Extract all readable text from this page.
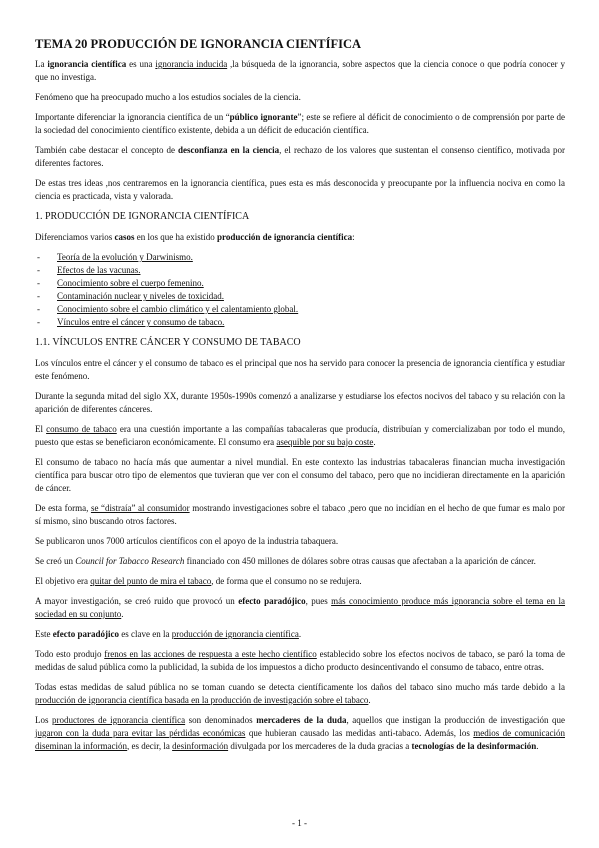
TEMA 20 PRODUCCIÓN DE IGNORANCIA CIENTÍFICA

La ignorancia científica es una ignorancia inducida ,la búsqueda de la ignorancia, sobre aspectos que la ciencia conoce o que podría conocer y que no investiga.

Fenómeno que ha preocupado mucho a los estudios sociales de la ciencia.

Importante diferenciar la ignorancia científica de un “público ignorante”; este se refiere al déficit de conocimiento o de comprensión por parte de la sociedad del conocimiento científico existente, debida a un déficit de educación científica.

También cabe destacar el concepto de desconfianza en la ciencia, el rechazo de los valores que sustentan el consenso científico, motivada por diferentes factores.

De estas tres ideas ,nos centraremos en la ignorancia científica, pues esta es más desconocida y preocupante por la influencia nociva en como la ciencia es practicada, vista y valorada.

1. PRODUCCIÓN DE IGNORANCIA CIENTÍFICA

Diferenciamos varios casos en los que ha existido producción de ignorancia científica:

- Teoría de la evolución y Darwinismo.
- Efectos de las vacunas.
- Conocimiento sobre el cuerpo femenino.
- Contaminación nuclear y niveles de toxicidad.
- Conocimiento sobre el cambio climático y el calentamiento global.
- Vínculos entre el cáncer y consumo de tabaco.
1.1. VÍNCULOS ENTRE CÁNCER Y CONSUMO DE TABACO

Los vínculos entre el cáncer y el consumo de tabaco es el principal que nos ha servido para conocer la presencia de ignorancia científica y estudiar este fenómeno.

Durante la segunda mitad del siglo XX, durante 1950s-1990s comenzó a analizarse y estudiarse los efectos nocivos del tabaco y su relación con la aparición de diferentes cánceres.

El consumo de tabaco era una cuestión importante a las compañías tabacaleras que producía, distribuían y comercializaban por todo el mundo, puesto que estas se beneficiaron económicamente. El consumo era asequible por su bajo coste.

El consumo de tabaco no hacía más que aumentar a nivel mundial. En este contexto las industrias tabacaleras financian mucha investigación científica para buscar otro tipo de elementos que tuvieran que ver con el consumo del tabaco, pero que no incidieran directamente en la aparición de cáncer.

De esta forma, se “distraía” al consumidor mostrando investigaciones sobre el tabaco ,pero que no incidían en el hecho de que fumar es malo por sí mismo, sino buscando otros factores.

Se publicaron unos 7000 artículos científicos con el apoyo de la industria tabaquera.

Se creó un Council for Tabacco Research financiado con 450 millones de dólares sobre otras causas que afectaban a la aparición de cáncer.

El objetivo era quitar del punto de mira el tabaco, de forma que el consumo no se redujera.

A mayor investigación, se creó ruido que provocó un efecto paradójico, pues más conocimiento produce más ignorancia sobre el tema en la sociedad en su conjunto.

Este efecto paradójico es clave en la producción de ignorancia científica.

Todo esto produjo frenos en las acciones de respuesta a este hecho científico establecido sobre los efectos nocivos de tabaco, se paró la toma de medidas de salud pública como la publicidad, la subida de los impuestos a dicho producto desincentivando el consumo de tabaco, entre otras.

Todas estas medidas de salud pública no se toman cuando se detecta científicamente los daños del tabaco sino mucho más tarde debido a la producción de ignorancia científica basada en la producción de investigación sobre el tabaco.

Los productores de ignorancia científica son denominados mercaderes de la duda, aquellos que instigan la producción de investigación que jugaron con la duda para evitar las pérdidas económicas que hubieran causado las medidas anti-tabaco. Además, los medios de comunicación diseminan la información, es decir, la desinformación divulgada por los mercaderes de la duda gracias a tecnologías de la desinformación.

- 1 -
